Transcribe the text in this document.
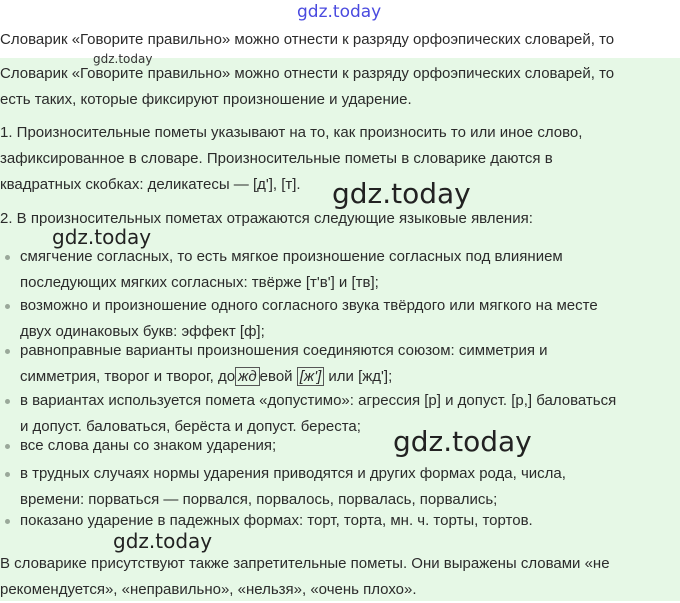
Словарик «Говорите правильно» можно отнести к разряду орфоэпических словарей, то
Словарик «Говорите правильно» можно отнести к разряду орфоэпических словарей, то
есть таких, которые фиксируют произношение и ударение.
1. Произносительные пометы указывают на то, как произносить то или иное слово,
зафиксированное в словаре. Произносительные пометы в словарике даются в
квадратных скобках: деликатесы — [д'], [т].
2. В произносительных пометах отражаются следующие языковые явления:
смягчение согласных, то есть мягкое произношение согласных под влиянием
последующих мягких согласных: твёрже [т'в'] и [тв];
возможно и произношение одного согласного звука твёрдого или мягкого на месте
двух одинаковых букв: эффект [ф];
равноправные варианты произношения соединяются союзом: симметрия и
симметрия, творог и творог, до жд евой [ж'] или [жд'];
в вариантах используется помета «допустимо»: агрессия [р] и допуст. [р,] баловаться
и допуст. баловаться, берёста и допуст. береста;
все слова даны со знаком ударения;
в трудных случаях нормы ударения приводятся и других формах рода, числа,
времени: порваться — порвался, порвалось, порвалась, порвались;
показано ударение в падежных формах: торт, торта, мн. ч. торты, тортов.
В словарике присутствуют также запретительные пометы. Они выражены словами «не
рекомендуется», «неправильно», «нельзя», «очень плохо».
gdz.today
gdz.today
gdz.today
gdz.today
gdz.today
gdz.today
